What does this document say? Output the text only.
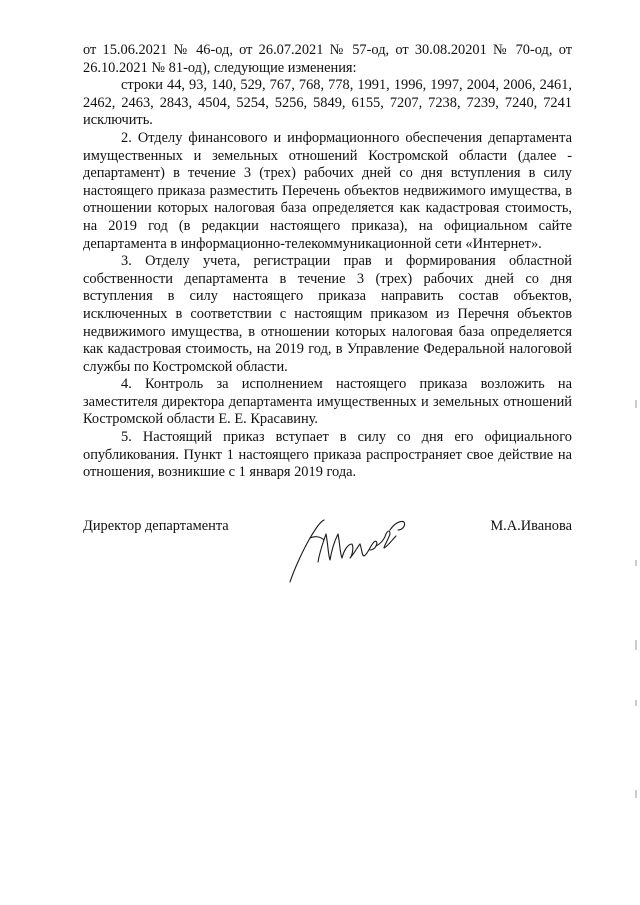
от 15.06.2021 № 46-од, от 26.07.2021 № 57-од, от 30.08.20201 № 70-од, от 26.10.2021 № 81-од), следующие изменения:

строки 44, 93, 140, 529, 767, 768, 778, 1991, 1996, 1997, 2004, 2006, 2461, 2462, 2463, 2843, 4504, 5254, 5256, 5849, 6155, 7207, 7238, 7239, 7240, 7241 исключить.

2. Отделу финансового и информационного обеспечения департамента имущественных и земельных отношений Костромской области (далее - департамент) в течение 3 (трех) рабочих дней со дня вступления в силу настоящего приказа разместить Перечень объектов недвижимого имущества, в отношении которых налоговая база определяется как кадастровая стоимость, на 2019 год (в редакции настоящего приказа), на официальном сайте департамента в информационно-телекоммуникационной сети «Интернет».

3. Отделу учета, регистрации прав и формирования областной собственности департамента в течение 3 (трех) рабочих дней со дня вступления в силу настоящего приказа направить состав объектов, исключенных в соответствии с настоящим приказом из Перечня объектов недвижимого имущества, в отношении которых налоговая база определяется как кадастровая стоимость, на 2019 год, в Управление Федеральной налоговой службы по Костромской области.

4. Контроль за исполнением настоящего приказа возложить на заместителя директора департамента имущественных и земельных отношений Костромской области Е. Е. Красавину.

5. Настоящий приказ вступает в силу со дня его официального опубликования. Пункт 1 настоящего приказа распространяет свое действие на отношения, возникшие с 1 января 2019 года.

Директор департамента	М.А.Иванова
